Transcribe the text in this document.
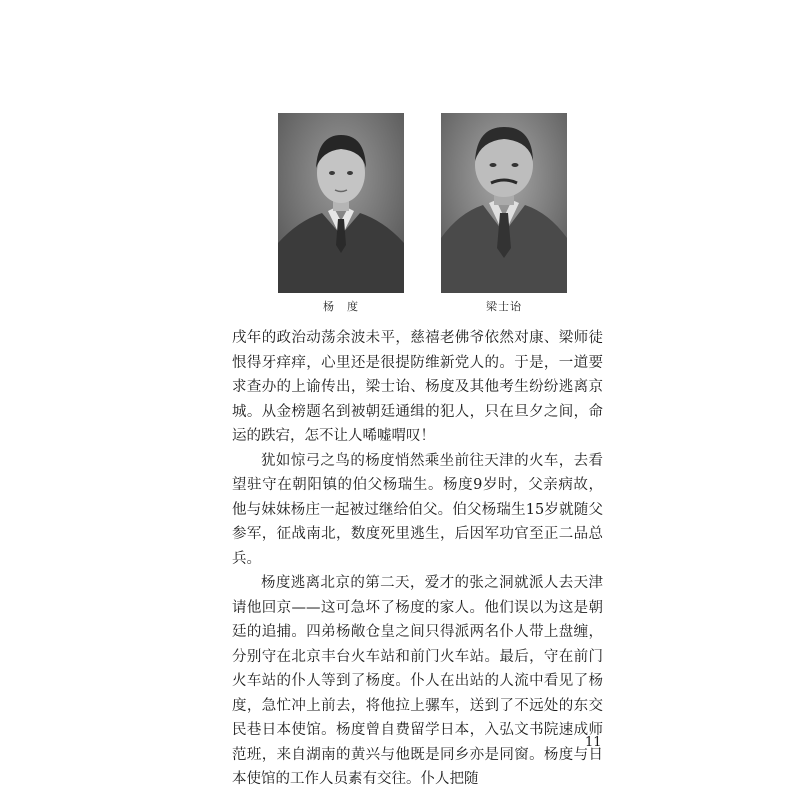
杨　度	梁士诒

戌年的政治动荡余波未平，慈禧老佛爷依然对康、梁师徒恨得牙痒痒，心里还是很提防维新党人的。于是，一道要求查办的上谕传出，梁士诒、杨度及其他考生纷纷逃离京城。从金榜题名到被朝廷通缉的犯人，只在旦夕之间，命运的跌宕，怎不让人唏嘘喟叹！

犹如惊弓之鸟的杨度悄然乘坐前往天津的火车，去看望驻守在朝阳镇的伯父杨瑞生。杨度9岁时，父亲病故，他与妹妹杨庄一起被过继给伯父。伯父杨瑞生15岁就随父参军，征战南北，数度死里逃生，后因军功官至正二品总兵。

杨度逃离北京的第二天，爱才的张之洞就派人去天津请他回京——这可急坏了杨度的家人。他们误以为这是朝廷的追捕。四弟杨敞仓皇之间只得派两名仆人带上盘缠，分别守在北京丰台火车站和前门火车站。最后，守在前门火车站的仆人等到了杨度。仆人在出站的人流中看见了杨度，急忙冲上前去，将他拉上骡车，送到了不远处的东交民巷日本使馆。杨度曾自费留学日本，入弘文书院速成师范班，来自湖南的黄兴与他既是同乡亦是同窗。杨度与日本使馆的工作人员素有交往。仆人把随

11
